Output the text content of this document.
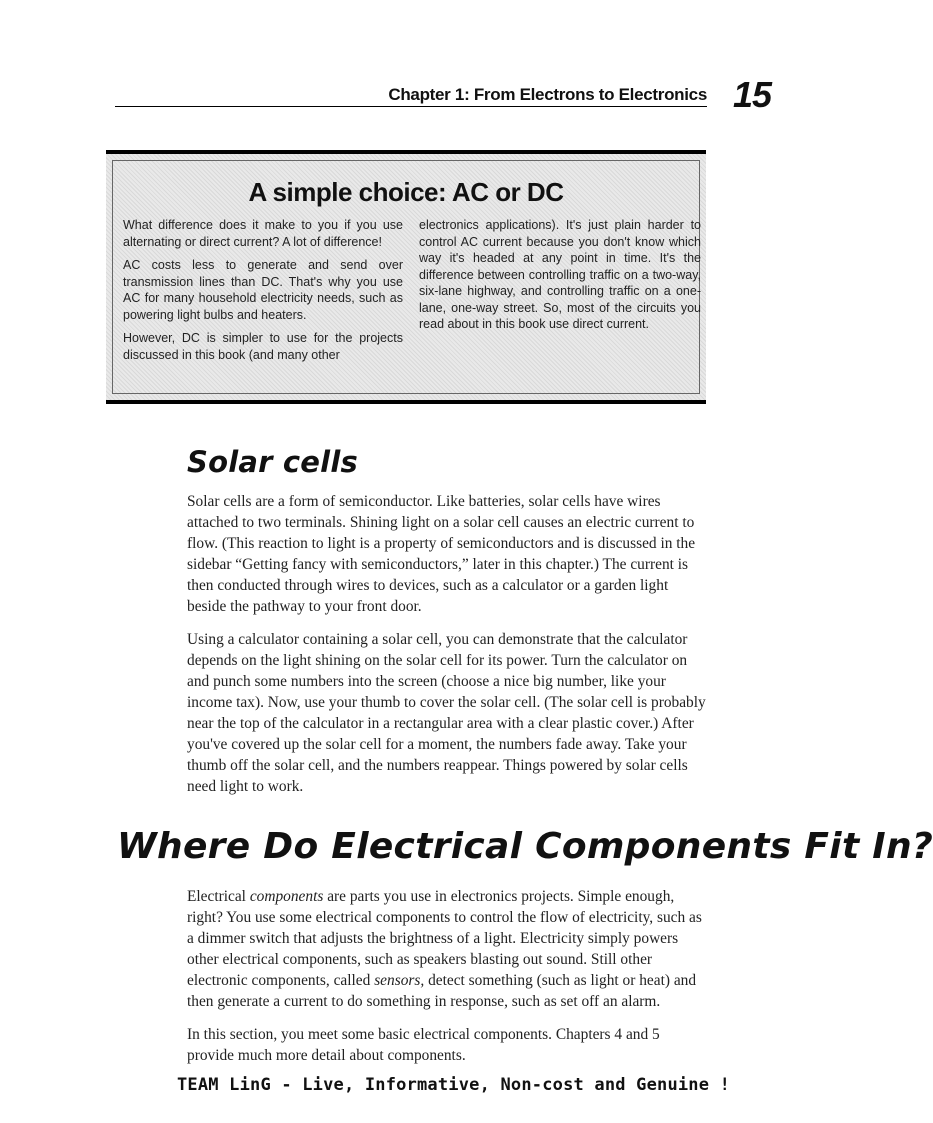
Chapter 1: From Electrons to Electronics 15
A simple choice: AC or DC

What difference does it make to you if you use alternating or direct current? A lot of difference!

AC costs less to generate and send over transmission lines than DC. That's why you use AC for many household electricity needs, such as powering light bulbs and heaters.

However, DC is simpler to use for the projects discussed in this book (and many other

electronics applications). It's just plain harder to control AC current because you don't know which way it's headed at any point in time. It's the difference between controlling traffic on a two-way, six-lane highway, and controlling traffic on a one-lane, one-way street. So, most of the circuits you read about in this book use direct current.

Solar cells

Solar cells are a form of semiconductor. Like batteries, solar cells have wires attached to two terminals. Shining light on a solar cell causes an electric current to flow. (This reaction to light is a property of semiconductors and is discussed in the sidebar “Getting fancy with semiconductors,” later in this chapter.) The current is then conducted through wires to devices, such as a calculator or a garden light beside the pathway to your front door.

Using a calculator containing a solar cell, you can demonstrate that the calculator depends on the light shining on the solar cell for its power. Turn the calculator on and punch some numbers into the screen (choose a nice big number, like your income tax). Now, use your thumb to cover the solar cell. (The solar cell is probably near the top of the calculator in a rectangular area with a clear plastic cover.) After you've covered up the solar cell for a moment, the numbers fade away. Take your thumb off the solar cell, and the numbers reappear. Things powered by solar cells need light to work.

Where Do Electrical Components Fit In?

Electrical components are parts you use in electronics projects. Simple enough, right? You use some electrical components to control the flow of electricity, such as a dimmer switch that adjusts the brightness of a light. Electricity simply powers other electrical components, such as speakers blasting out sound. Still other electronic components, called sensors, detect something (such as light or heat) and then generate a current to do something in response, such as set off an alarm.

In this section, you meet some basic electrical components. Chapters 4 and 5 provide much more detail about components.

TEAM LinG - Live, Informative, Non-cost and Genuine !
